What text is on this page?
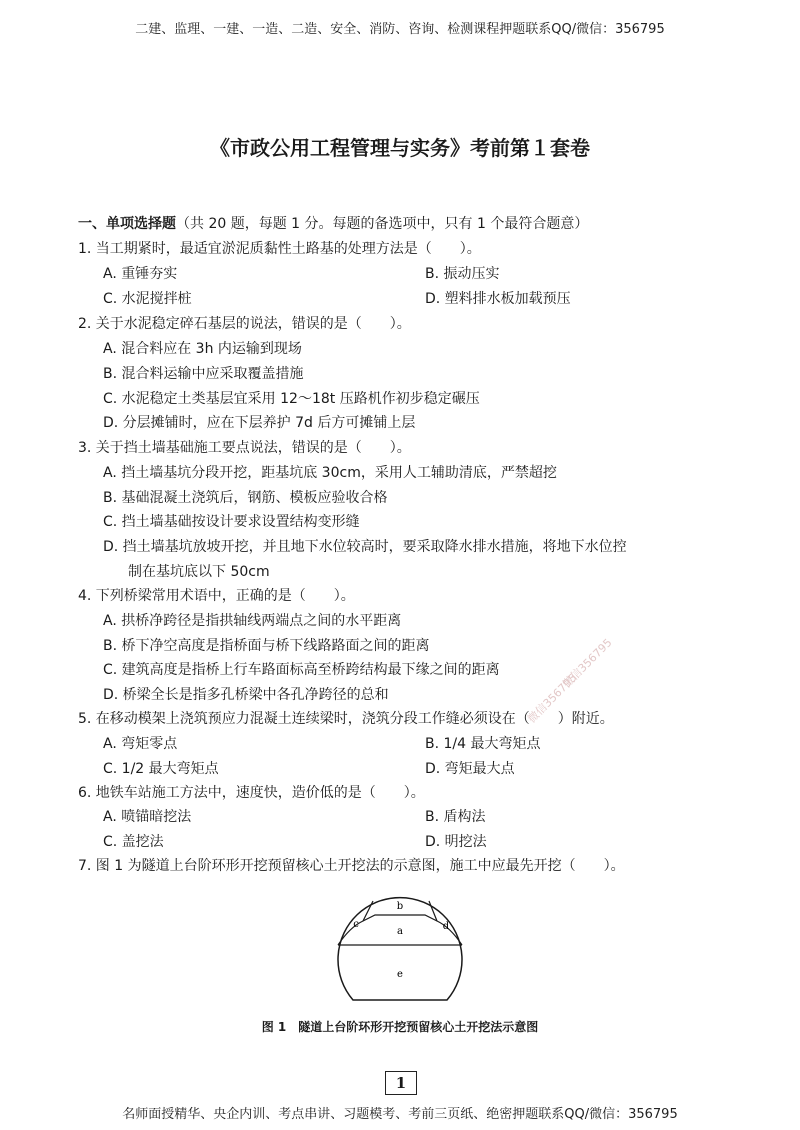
二建、监理、一建、一造、二造、安全、消防、咨询、检测课程押题联系QQ/微信：356795
《市政公用工程管理与实务》考前第１套卷
一、单项选择题（共 20 题，每题 1 分。每题的备选项中，只有 1 个最符合题意）
1. 当工期紧时，最适宜淤泥质黏性土路基的处理方法是（　　）。
A. 重锤夯实	B. 振动压实
C. 水泥搅拌桩	D. 塑料排水板加载预压
2. 关于水泥稳定碎石基层的说法，错误的是（　　）。
A. 混合料应在 3h 内运输到现场
B. 混合料运输中应采取覆盖措施
C. 水泥稳定土类基层宜采用 12～18t 压路机作初步稳定碾压
D. 分层摊铺时，应在下层养护 7d 后方可摊铺上层
3. 关于挡土墙基础施工要点说法，错误的是（　　）。
A. 挡土墙基坑分段开挖，距基坑底 30cm，采用人工辅助清底，严禁超挖
B. 基础混凝土浇筑后，钢筋、模板应验收合格
C. 挡土墙基础按设计要求设置结构变形缝
D. 挡土墙基坑放坡开挖，并且地下水位较高时，要采取降水排水措施，将地下水位控
制在基坑底以下 50cm
4. 下列桥梁常用术语中，正确的是（　　）。
A. 拱桥净跨径是指拱轴线两端点之间的水平距离
B. 桥下净空高度是指桥面与桥下线路路面之间的距离
C. 建筑高度是指桥上行车路面标高至桥跨结构最下缘之间的距离
D. 桥梁全长是指多孔桥梁中各孔净跨径的总和
5. 在移动模架上浇筑预应力混凝土连续梁时，浇筑分段工作缝必须设在（　　）附近。
A. 弯矩零点	B. 1/4 最大弯矩点
C. 1/2 最大弯矩点	D. 弯矩最大点
6. 地铁车站施工方法中，速度快，造价低的是（　　）。
A. 喷锚暗挖法	B. 盾构法
C. 盖挖法	D. 明挖法
7. 图 1 为隧道上台阶环形开挖预留核心土开挖法的示意图，施工中应最先开挖（　　）。
b
c	d
a
e
图 1　隧道上台阶环形开挖预留核心土开挖法示意图
微信356795
微信356795
1
名师面授精华、央企内训、考点串讲、习题模考、考前三页纸、绝密押题联系QQ/微信：356795
